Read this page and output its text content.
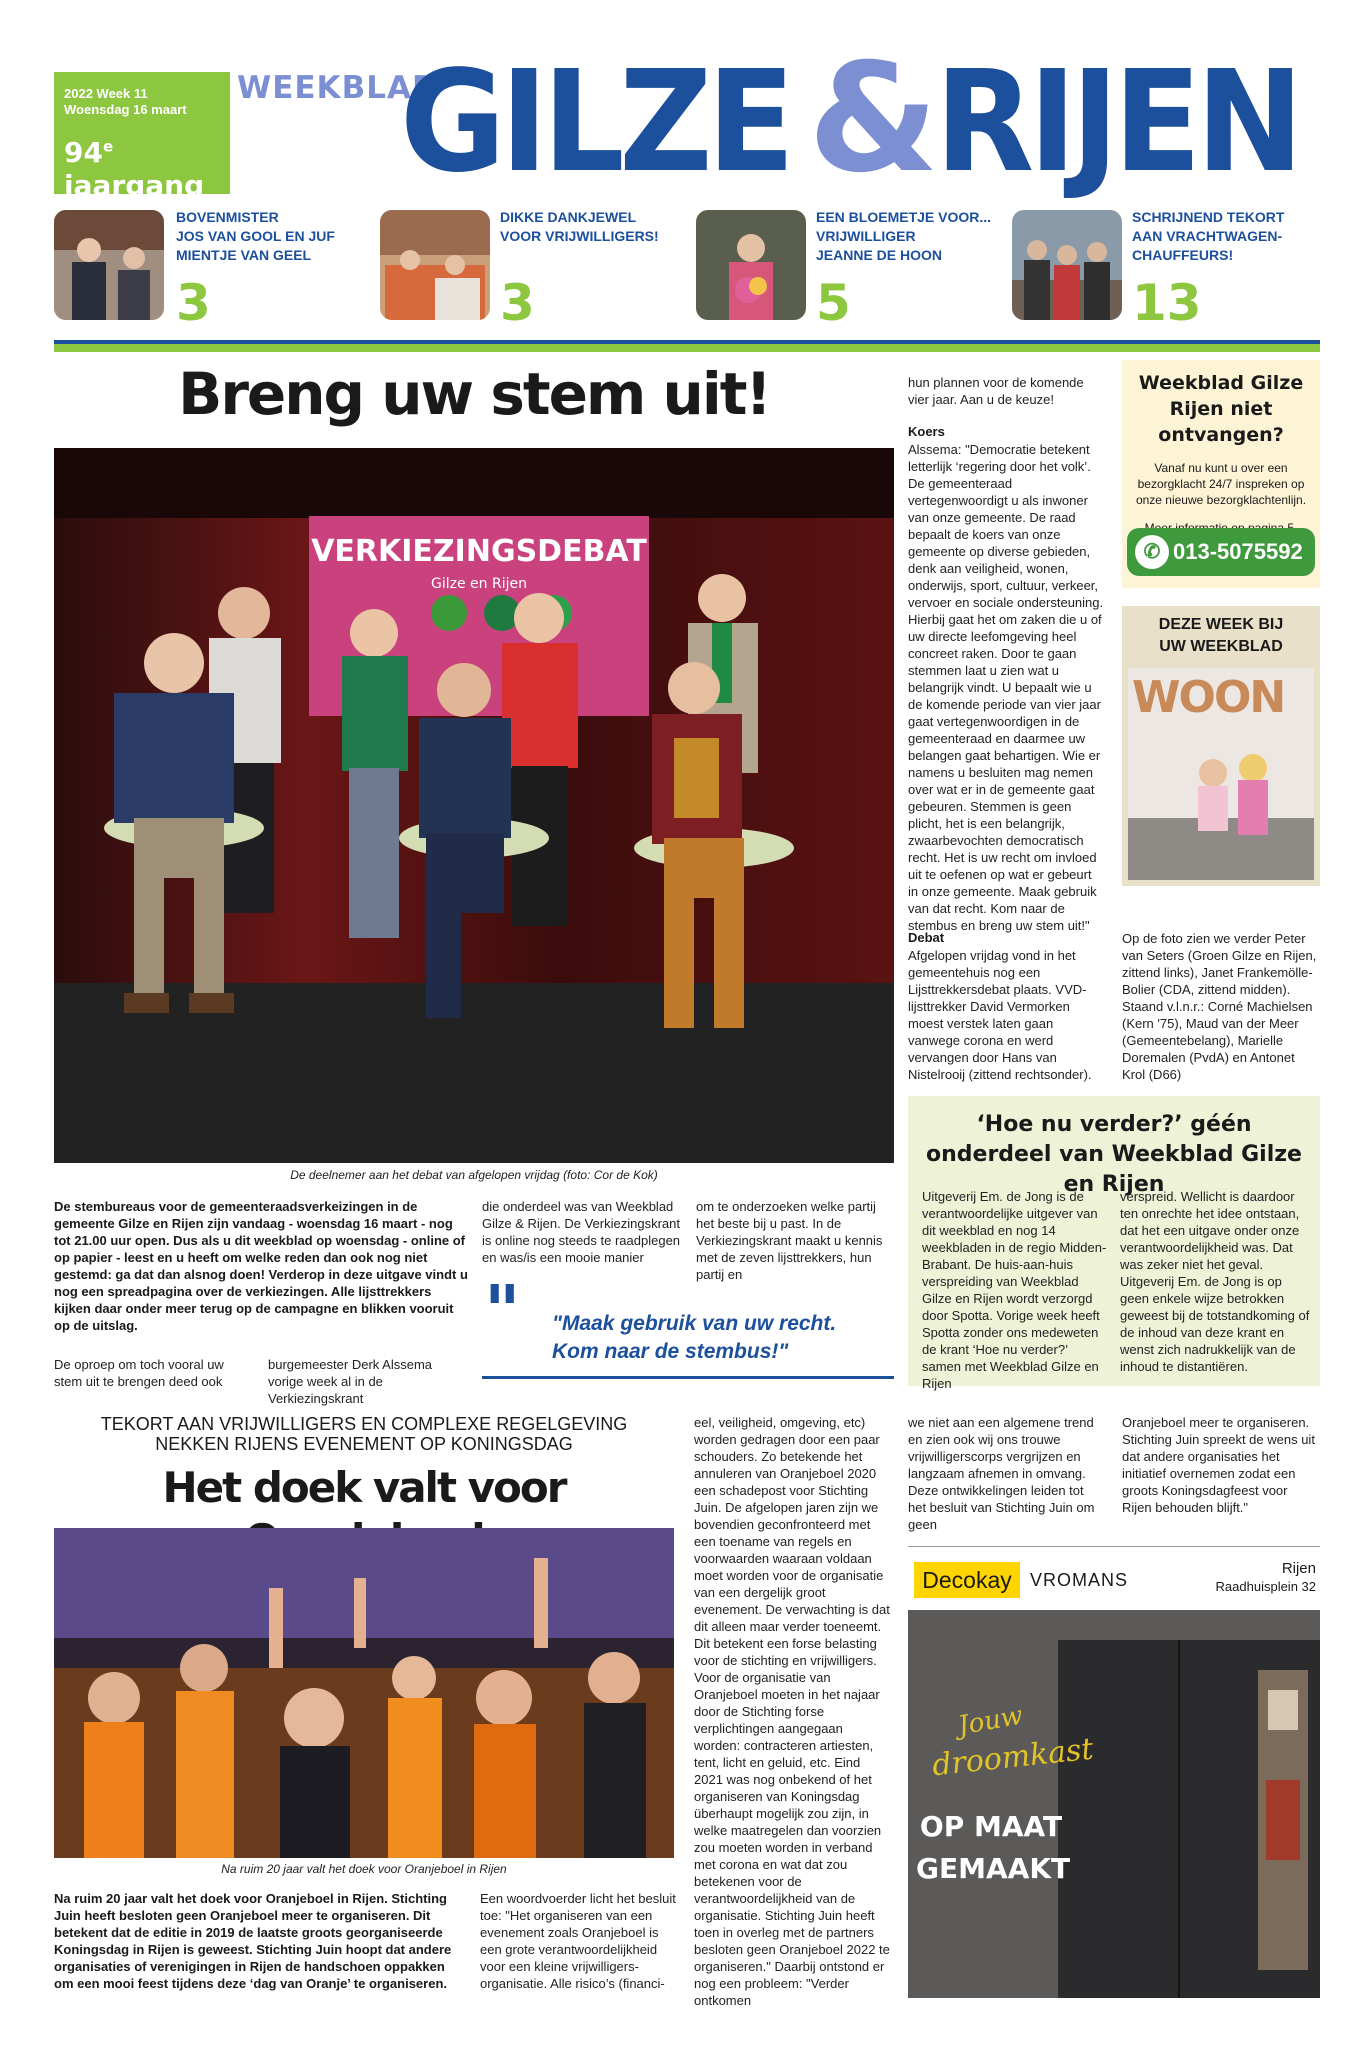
2022 Week 11
Woensdag 16 maart
94e jaargang
WEEKBLAD
GILZE &
RIJEN
BOVENMISTER
JOS VAN GOOL EN JUF
MIENTJE VAN GEEL
3
DIKKE DANKJEWEL
VOOR VRIJWILLIGERS!
3
EEN BLOEMETJE VOOR...
VRIJWILLIGER
JEANNE DE HOON
5
SCHRIJNEND TEKORT
AAN VRACHTWAGEN-
CHAUFFEURS!
13
Breng uw stem uit!
VERKIEZINGSDEBAT
Gilze en Rijen
De deelnemer aan het debat van afgelopen vrijdag (foto: Cor de Kok)
De stembureaus voor de gemeenteraadsverkeizingen in de gemeente Gilze en Rijen zijn vandaag - woensdag 16 maart - nog tot 21.00 uur open. Dus als u dit weekblad op woensdag - online of op papier - leest en u heeft om welke reden dan ook nog niet gestemd: ga dat dan alsnog doen! Verderop in deze uitgave vindt u nog een spreadpagina over de verkiezingen. Alle lijsttrekkers kijken daar onder meer terug op de campagne en blikken vooruit op de uitslag.
De oproep om toch vooral uw stem uit te brengen deed ook
burgemeester Derk Alssema vorige week al in de Verkiezingskrant
die onderdeel was van Weekblad Gilze & Rijen. De Verkiezingskrant is online nog steeds te raadplegen en was/is een mooie manier
om te onderzoeken welke partij het beste bij u past. In de Verkiezingskrant maakt u kennis met de zeven lijsttrekkers, hun partij en
" "Maak gebruik van uw recht.
Kom naar de stembus!"
hun plannen voor de komende vier jaar. Aan u de keuze!
Koers
Alssema: "Democratie betekent letterlijk ‘regering door het volk’. De gemeenteraad vertegenwoordigt u als inwoner van onze gemeente. De raad bepaalt de koers van onze gemeente op diverse gebieden, denk aan veiligheid, wonen, onderwijs, sport, cultuur, verkeer, vervoer en sociale ondersteuning. Hierbij gaat het om zaken die u of uw directe leefomgeving heel concreet raken. Door te gaan stemmen laat u zien wat u belangrijk vindt. U bepaalt wie u de komende periode van vier jaar gaat vertegenwoordigen in de gemeenteraad en daarmee uw belangen gaat behartigen. Wie er namens u besluiten mag nemen over wat er in de gemeente gaat gebeuren. Stemmen is geen plicht, het is een belangrijk, zwaarbevochten democratisch recht. Het is uw recht om invloed uit te oefenen op wat er gebeurt in onze gemeente. Maak gebruik van dat recht. Kom naar de stembus en breng uw stem uit!"
Debat
Afgelopen vrijdag vond in het gemeentehuis nog een Lijsttrekkersdebat plaats. VVD-lijsttrekker David Vermorken moest verstek laten gaan vanwege corona en werd vervangen door Hans van Nistelrooij (zittend rechtsonder).
Op de foto zien we verder Peter van Seters (Groen Gilze en Rijen, zittend links), Janet Frankemölle-Bolier (CDA, zittend midden). Staand v.l.n.r.: Corné Machielsen (Kern '75), Maud van der Meer (Gemeentebelang), Marielle Doremalen (PvdA) en Antonet Krol (D66)
Weekblad Gilze Rijen niet ontvangen?
Vanaf nu kunt u over een bezorgklacht 24/7 inspreken op onze nieuwe bezorgklachtenlijn.
✆ 013-5075592
DEZE WEEK BIJ UW WEEKBLAD
WOON
‘Hoe nu verder?’ géén onderdeel van Weekblad Gilze en Rijen
Uitgeverij Em. de Jong is de verantwoordelijke uitgever van dit weekblad en nog 14 weekbladen in de regio Midden-Brabant. De huis-aan-huis verspreiding van Weekblad Gilze en Rijen wordt verzorgd door Spotta. Vorige week heeft Spotta zonder ons medeweten de krant ‘Hoe nu verder?’ samen met Weekblad Gilze en Rijen
verspreid. Wellicht is daardoor ten onrechte het idee ontstaan, dat het een uitgave onder onze verantwoordelijkheid was. Dat was zeker niet het geval. Uitgeverij Em. de Jong is op geen enkele wijze betrokken geweest bij de totstandkoming of de inhoud van deze krant en wenst zich nadrukkelijk van de inhoud te distantiëren.
TEKORT AAN VRIJWILLIGERS EN COMPLEXE REGELGEVING
NEKKEN RIJENS EVENEMENT OP KONINGSDAG
Het doek valt voor
Na ruim 20 jaar valt het doek voor Oranjeboel in Rijen
Na ruim 20 jaar valt het doek voor Oranjeboel in Rijen. Stichting Juin heeft besloten geen Oranjeboel meer te organiseren. Dit betekent dat de editie in 2019 de laatste groots georganiseerde Koningsdag in Rijen is geweest. Stichting Juin hoopt dat andere organisaties of verenigingen in Rijen de handschoen oppakken om een mooi feest tijdens deze ‘dag van Oranje’ te organiseren.
Een woordvoerder licht het besluit toe: "Het organiseren van een evenement zoals Oranjeboel is een grote verantwoordelijkheid voor een kleine vrijwilligers-organisatie. Alle risico’s (financi-
eel, veiligheid, omgeving, etc) worden gedragen door een paar schouders. Zo betekende het annuleren van Oranjeboel 2020 een schadepost voor Stichting Juin. De afgelopen jaren zijn we bovendien geconfronteerd met een toename van regels en voorwaarden waaraan voldaan moet worden voor de organisatie van een dergelijk groot evenement. De verwachting is dat dit alleen maar verder toeneemt. Dit betekent een forse belasting voor de stichting en vrijwilligers. Voor de organisatie van Oranjeboel moeten in het najaar door de Stichting forse verplichtingen aangegaan worden: contracteren artiesten, tent, licht en geluid, etc. Eind 2021 was nog onbekend of het organiseren van Koningsdag überhaupt mogelijk zou zijn, in welke maatregelen dan voorzien zou moeten worden in verband met corona en wat dat zou betekenen voor de verantwoordelijkheid van de organisatie. Stichting Juin heeft toen in overleg met de partners besloten geen Oranjeboel 2022 te organiseren." Daarbij ontstond er nog een probleem: "Verder ontkomen
we niet aan een algemene trend en zien ook wij ons trouwe vrijwilligerscorps vergrijzen en langzaam afnemen in omvang. Deze ontwikkelingen leiden tot het besluit van Stichting Juin om geen
Oranjeboel meer te organiseren. Stichting Juin spreekt de wens uit dat andere organisaties het initiatief overnemen zodat een groots Koningsdagfeest voor Rijen behouden blijft."
Decokay	VROMANS
Rijen
Raadhuisplein 32
Jouw
droomkast
OP MAAT
GEMAAKT
